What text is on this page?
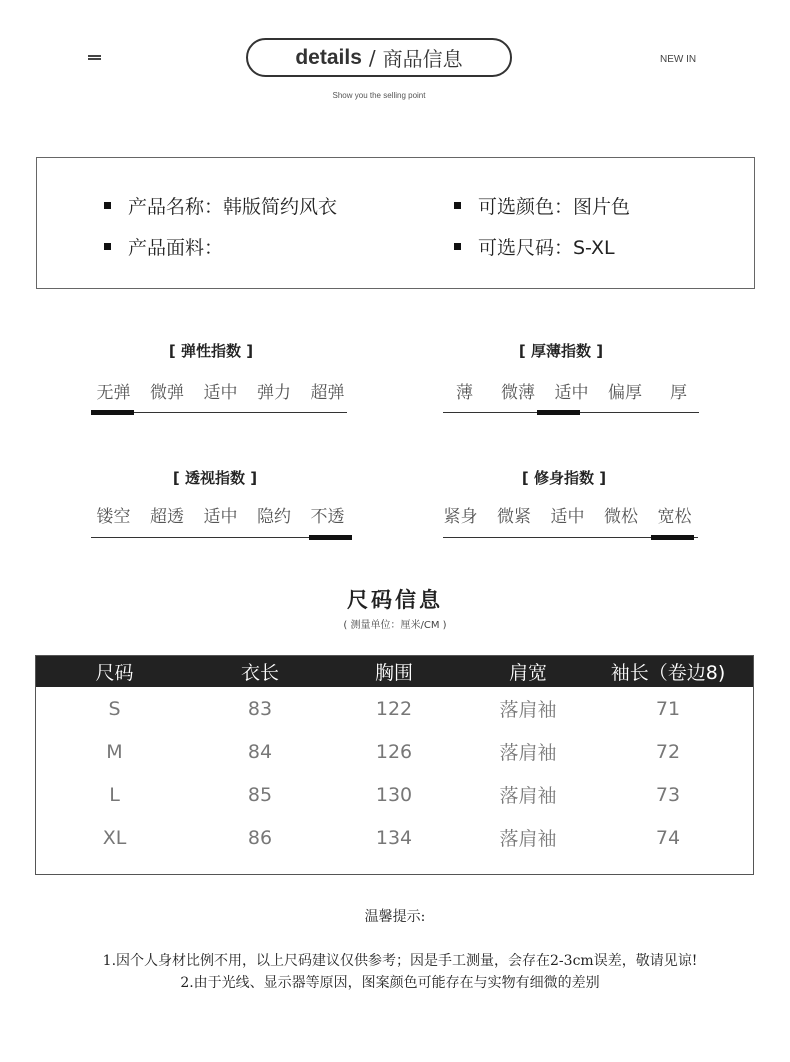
details / 商品信息
Show you the selling point
NEW IN
产品名称：韩版简约风衣	可选颜色：图片色
产品面料：	可选尺码：S-XL
[ 弹性指数 ]
无弹	微弹	适中	弹力	超弹
[ 厚薄指数 ]
薄	微薄	适中	偏厚	厚
[ 透视指数 ]
镂空	超透	适中	隐约	不透
[ 修身指数 ]
紧身	微紧	适中	微松	宽松
尺码信息
( 测量单位：厘米/CM )
尺码	衣长	胸围	肩宽	袖长（卷边8)
S	83	122	落肩袖	71
M	84	126	落肩袖	72
L	85	130	落肩袖	73
XL	86	134	落肩袖	74
温馨提示:
1.因个人身材比例不用，以上尺码建议仅供参考；因是手工测量，会存在2-3cm误差，敬请见谅!
2.由于光线、显示器等原因，图案颜色可能存在与实物有细微的差别
